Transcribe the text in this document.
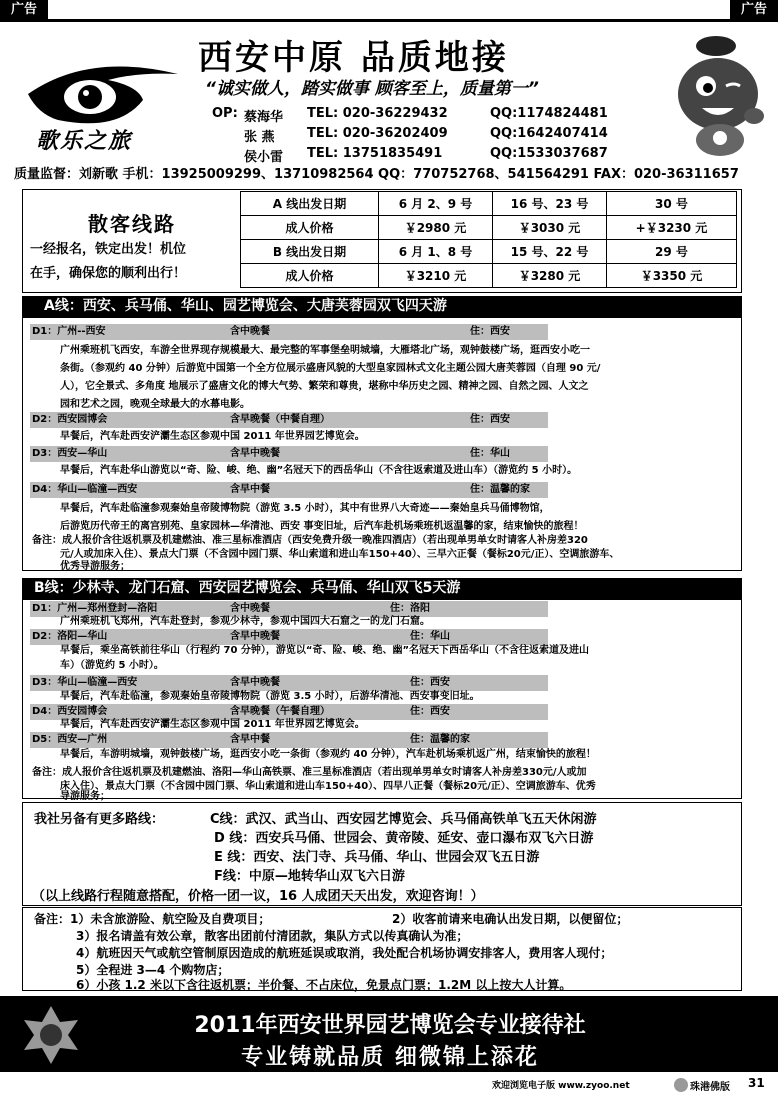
广告	广告
歌乐之旅
西安中原 品质地接
“诚实做人，踏实做事 顾客至上，质量第一”
OP: 蔡海华	TEL: 020-36229432	QQ:1174824481
张 燕	TEL: 020-36202409	QQ:1642407414
侯小雷	TEL: 13751835491	QQ:1533037687
质量监督：刘新歌 手机：13925009299、13710982564 QQ：770752768、541564291 FAX：020-36311657
散客线路
一经报名，铁定出发！机位
在手，确保您的顺利出行！
A 线出发日期	6 月 2、9 号	16 号、23 号	30 号
成人价格	￥2980 元	￥3030 元	+￥3230 元
B 线出发日期	6 月 1、8 号	15 号、22 号	29 号
成人价格	￥3210 元	￥3280 元	￥3350 元
A线：西安、兵马俑、华山、园艺博览会、大唐芙蓉园双飞四天游
D1：广州--西安	含中晚餐	住：西安
广州乘班机飞西安，车游全世界现存规模最大、最完整的军事堡垒明城墙，大雁塔北广场，观钟鼓楼广场，逛西安小吃一
条街。（参观约 40 分钟）后游览中国第一个全方位展示盛唐风貌的大型皇家园林式文化主题公园大唐芙蓉园（自理 90 元/
人），它全景式、多角度 地展示了盛唐文化的博大气势、繁荣和尊贵，堪称中华历史之园、精神之园、自然之园、人文之
园和艺术之园，晚观全球最大的水幕电影。
D2：西安园博会	含早晚餐（中餐自理）	住：西安
早餐后，汽车赴西安浐灞生态区参观中国 2011 年世界园艺博览会。
D3：西安—华山	含早中晚餐	住：华山
早餐后，汽车赴华山游览以“奇、险、峻、绝、幽”名冠天下的西岳华山（不含往返索道及进山车）（游览约 5 小时）。
D4：华山—临潼—西安	含早中餐	住：温馨的家
早餐后，汽车赴临潼参观秦始皇帝陵博物院（游览 3.5 小时），其中有世界八大奇迹——秦始皇兵马俑博物馆，
后游览历代帝王的离宫别苑、皇家园林—华清池、西安 事变旧址，后汽车赴机场乘班机返温馨的家，结束愉快的旅程！
备注：成人报价含往返机票及机建燃油、准三星标准酒店（西安免费升级一晚准四酒店）（若出现单男单女时请客人补房差320
元/人或加床入住）、景点大门票（不含园中园门票、华山索道和进山车150+40）、三早六正餐（餐标20元/正）、空调旅游车、
优秀导游服务；
B线：少林寺、龙门石窟、西安园艺博览会、兵马俑、华山双飞5天游
D1：广州—郑州登封—洛阳	含中晚餐	住：洛阳
广州乘班机飞郑州，汽车赴登封，参观少林寺，参观中国四大石窟之一的龙门石窟。
D2：洛阳—华山	含早中晚餐	住：华山
早餐后，乘坐高铁前往华山（行程约 70 分钟），游览以“奇、险、峻、绝、幽”名冠天下西岳华山（不含往返索道及进山
车）（游览约 5 小时）。
D3：华山—临潼—西安	含早中晚餐	住：西安
早餐后，汽车赴临潼，参观秦始皇帝陵博物院（游览 3.5 小时），后游华清池、西安事变旧址。
D4：西安园博会	含早晚餐（午餐自理）	住：西安
早餐后，汽车赴西安浐灞生态区参观中国 2011 年世界园艺博览会。
D5：西安—广州	含早中餐	住：温馨的家
早餐后，车游明城墙，观钟鼓楼广场，逛西安小吃一条街（参观约 40 分钟），汽车赴机场乘机返广州，结束愉快的旅程！
备注：成人报价含往返机票及机建燃油、洛阳—华山高铁票、准三星标准酒店（若出现单男单女时请客人补房差330元/人或加
床入住）、景点大门票（不含园中园门票、华山索道和进山车150+40）、四早八正餐（餐标20元/正）、空调旅游车、优秀
导游服务；
我社另备有更多路线：	C线：武汉、武当山、西安园艺博览会、兵马俑高铁单飞五天休闲游
D 线：西安兵马俑、世园会、黄帝陵、延安、壶口瀑布双飞六日游
E 线：西安、法门寺、兵马俑、华山、世园会双飞五日游
F线：中原—地转华山双飞六日游
（以上线路行程随意搭配，价格一团一议，16 人成团天天出发，欢迎咨询！）
备注：1）未含旅游险、航空险及自费项目；	2）收客前请来电确认出发日期，以便留位；
3）报名请盖有效公章，散客出团前付清团款，集队方式以传真确认为准；
4）航班因天气或航空管制原因造成的航班延误或取消，我处配合机场协调安排客人，费用客人现付；
5）全程进 3—4 个购物店；
6）小孩 1.2 米以下含往返机票；半价餐、不占床位，免景点门票；1.2M 以上按大人计算。
2011年西安世界园艺博览会专业接待社
专业铸就品质 细微锦上添花
欢迎浏览电子版 www.zyoo.net	珠港佛版	31
